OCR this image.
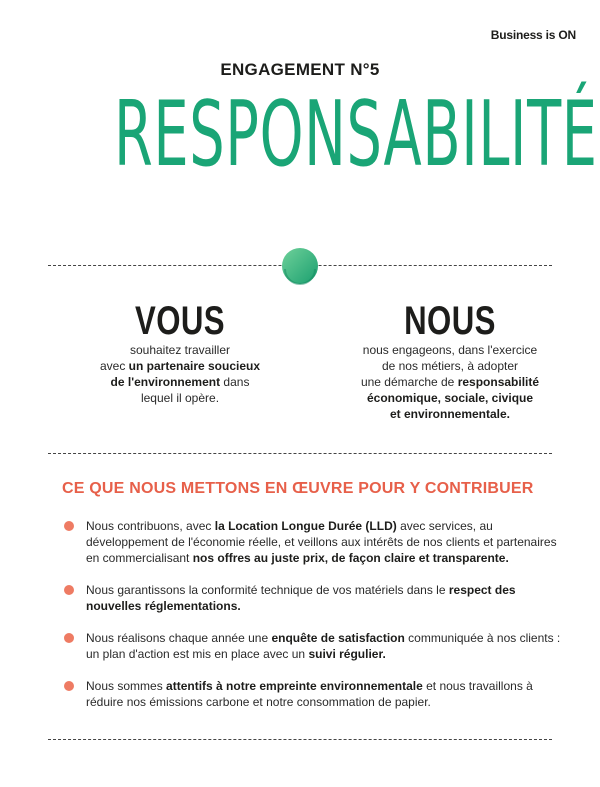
Business is ON
ENGAGEMENT N°5
RESPONSABILITÉ
VOUS
souhaitez travailler
avec un partenaire soucieux
de l'environnement dans
lequel il opère.
NOUS
nous engageons, dans l'exercice
de nos métiers, à adopter
une démarche de responsabilité
économique, sociale, civique
et environnementale.
CE QUE NOUS METTONS EN ŒUVRE POUR Y CONTRIBUER
Nous contribuons, avec la Location Longue Durée (LLD) avec services, au développement de l'économie réelle, et veillons aux intérêts de nos clients et partenaires en commercialisant nos offres au juste prix, de façon claire et transparente.
Nous garantissons la conformité technique de vos matériels dans le respect des nouvelles réglementations.
Nous réalisons chaque année une enquête de satisfaction communiquée à nos clients : un plan d'action est mis en place avec un suivi régulier.
Nous sommes attentifs à notre empreinte environnementale et nous travaillons à réduire nos émissions carbone et notre consommation de papier.
